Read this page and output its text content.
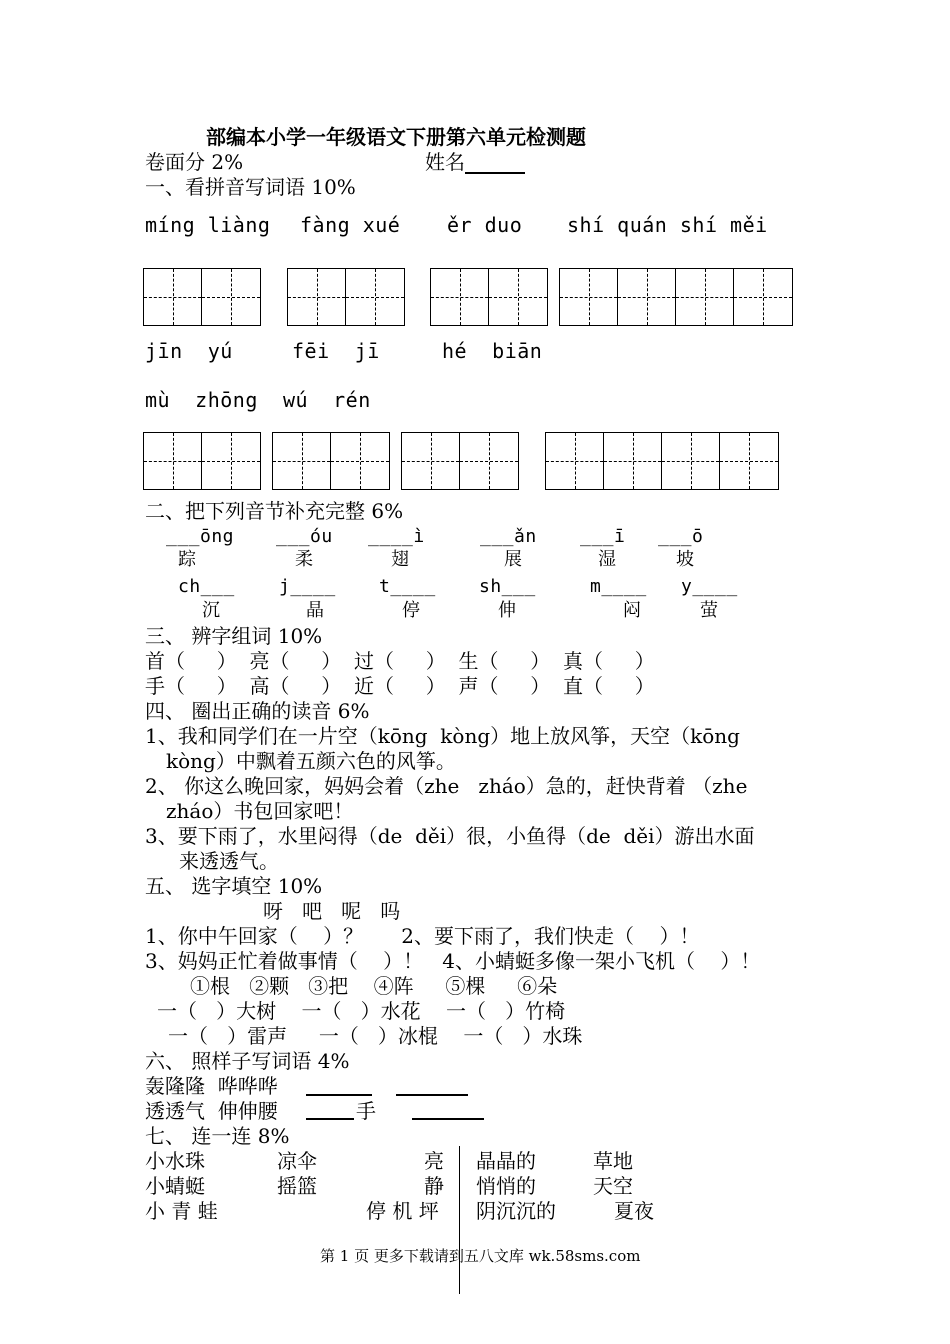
部编本小学一年级语文下册第六单元检测题
卷面分 2%	姓名
一、看拼音写词语 10%
míng liàng fàng xué ěr duo shí quán shí měi
jīn  yú	fēi  jī	hé  biān
mù  zhōng  wú  rén
二、把下列音节补充完整 6%
___ōng ___óu ____ì	___ǎn ___ī ___ō
踪	柔	翅	展	湿	坡
ch___ j____ t____ sh___	m____ y____
沉	晶	停	伸	闷	萤
三、 辨字组词 10%
首（     ）  亮（     ）  过（     ）  生（     ）  真（     ）
手（     ）  高（     ）  近（     ）  声（     ）  直（     ）
四、 圈出正确的读音 6%
1、我和同学们在一片空（kōng  kòng）地上放风筝，天空（kōng
kòng）中飘着五颜六色的风筝。
2、 你这么晚回家，妈妈会着（zhe   zháo）急的，赶快背着 （zhe
zháo）书包回家吧！
3、要下雨了，水里闷得（de  děi）很，小鱼得（de  děi）游出水面
来透透气。
五、 选字填空 10%
呀   吧   呢   吗
1、你中午回家（    ）？      2、要下雨了，我们快走（    ）！
3、妈妈正忙着做事情（    ）！   4、小蜻蜓多像一架小飞机（    ）！
①根   ②颗   ③把    ④阵     ⑤棵     ⑥朵
一（   ）大树    一（   ）水花    一（   ）竹椅
一（   ）雷声     一（   ）冰棍    一（   ）水珠
六、 照样子写词语 4%
轰隆隆  哗哗哗
透透气  伸伸腰	手
七、 连一连 8%
小水珠	凉伞	亮
小蜻蜓	摇篮	静
小 青 蛙	停 机 坪
晶晶的	草地
悄悄的	天空
阴沉沉的	夏夜
第 1 页 更多下载请到五八文库 wk.58sms.com
